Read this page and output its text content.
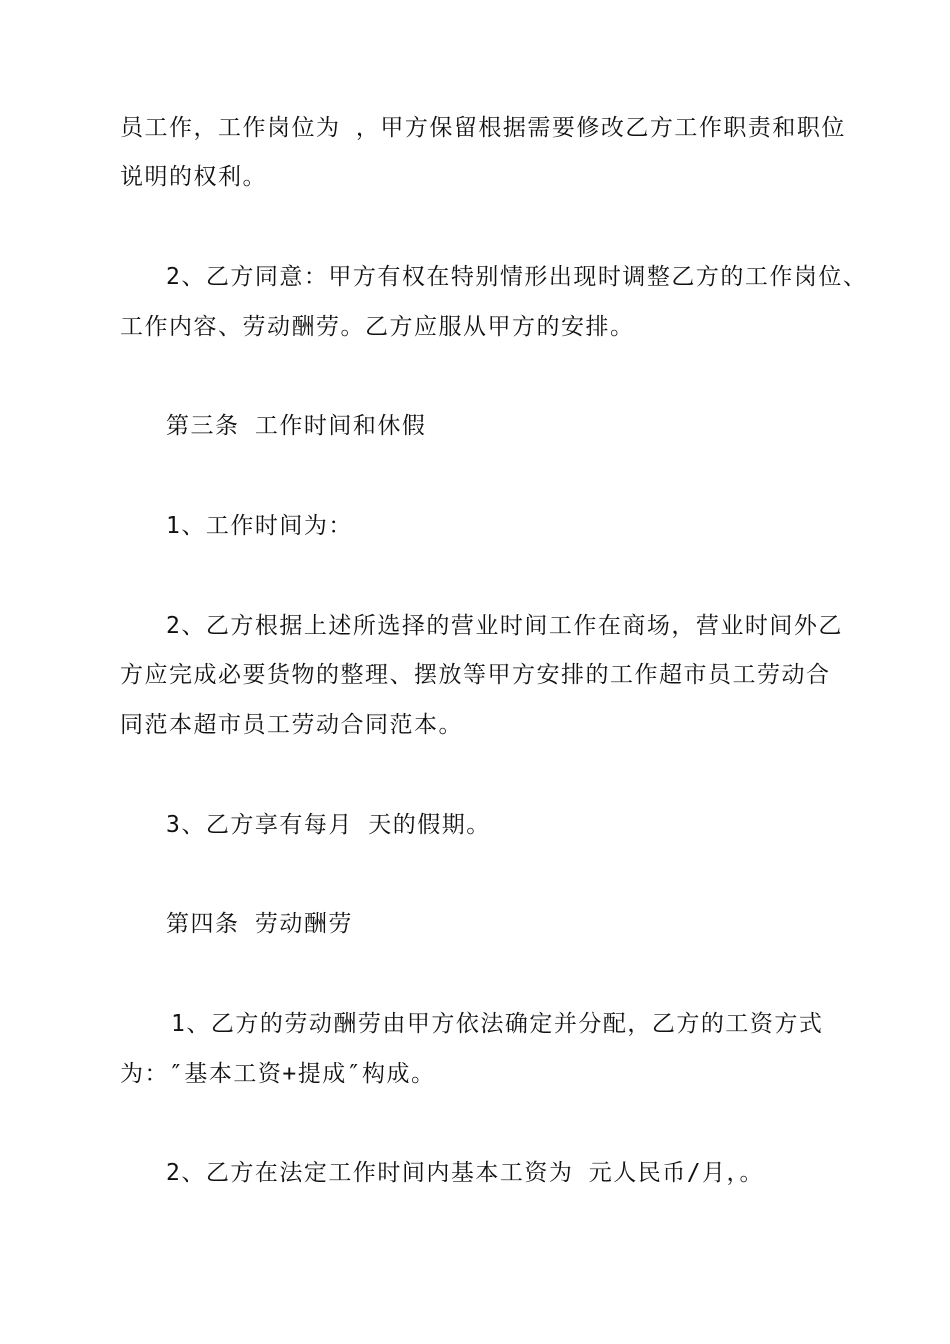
员工作，工作岗位为 ，甲方保留根据需要修改乙方工作职责和职位
说明的权利。
2、乙方同意：甲方有权在特别情形出现时调整乙方的工作岗位、
工作内容、劳动酬劳。乙方应服从甲方的安排。
第三条 工作时间和休假
1、工作时间为：
2、乙方根据上述所选择的营业时间工作在商场，营业时间外乙
方应完成必要货物的整理、摆放等甲方安排的工作超市员工劳动合
同范本超市员工劳动合同范本。
3、乙方享有每月 天的假期。
第四条 劳动酬劳
1、乙方的劳动酬劳由甲方依法确定并分配，乙方的工资方式
为：″基本工资+提成″构成。
2、乙方在法定工作时间内基本工资为 元人民币/月，。
